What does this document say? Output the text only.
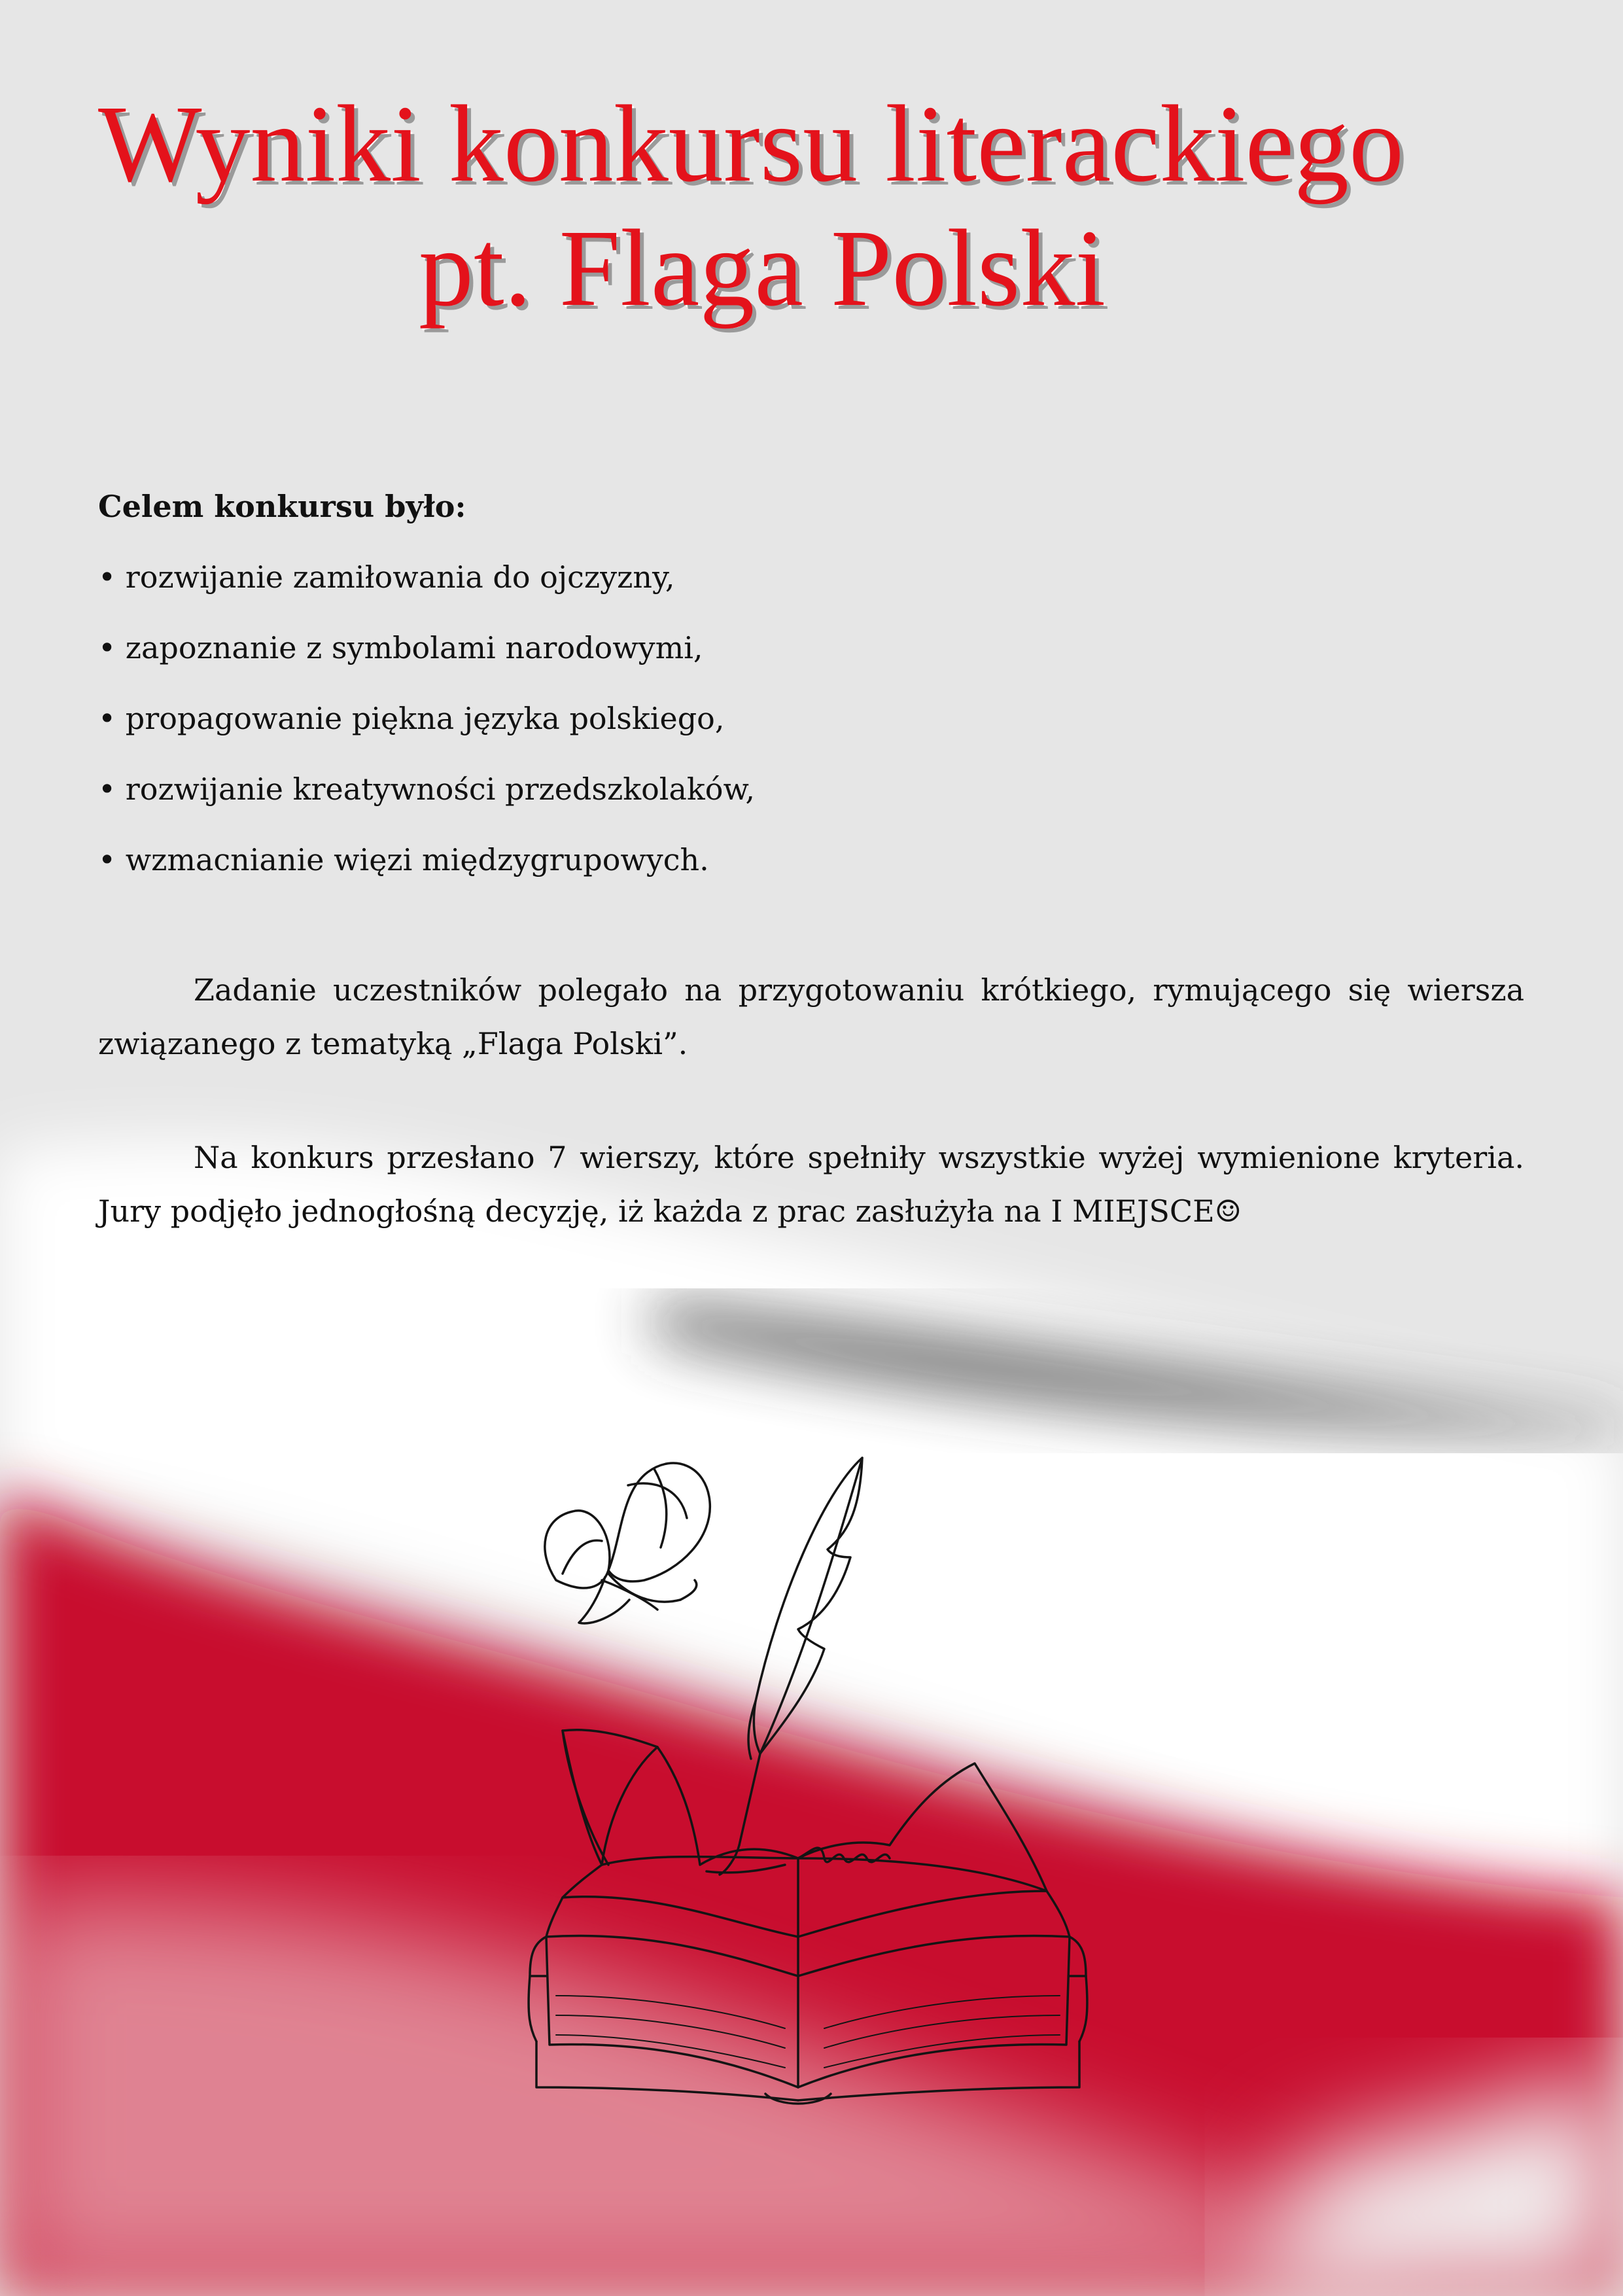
Wyniki konkursu literackiego
pt. Flaga Polski

Celem konkursu było:

• rozwijanie zamiłowania do ojczyzny,
• zapoznanie z symbolami narodowymi,
• propagowanie piękna języka polskiego,
• rozwijanie kreatywności przedszkolaków,
• wzmacnianie więzi międzygrupowych.

Zadanie uczestników polegało na przygotowaniu krótkiego, rymującego się wiersza związanego z tematyką „Flaga Polski”.

Na konkurs przesłano 7 wierszy, które spełniły wszystkie wyżej wymienione kryteria. Jury podjęło jednogłośną decyzję, iż każda z prac zasłużyła na I MIEJSCE☺
